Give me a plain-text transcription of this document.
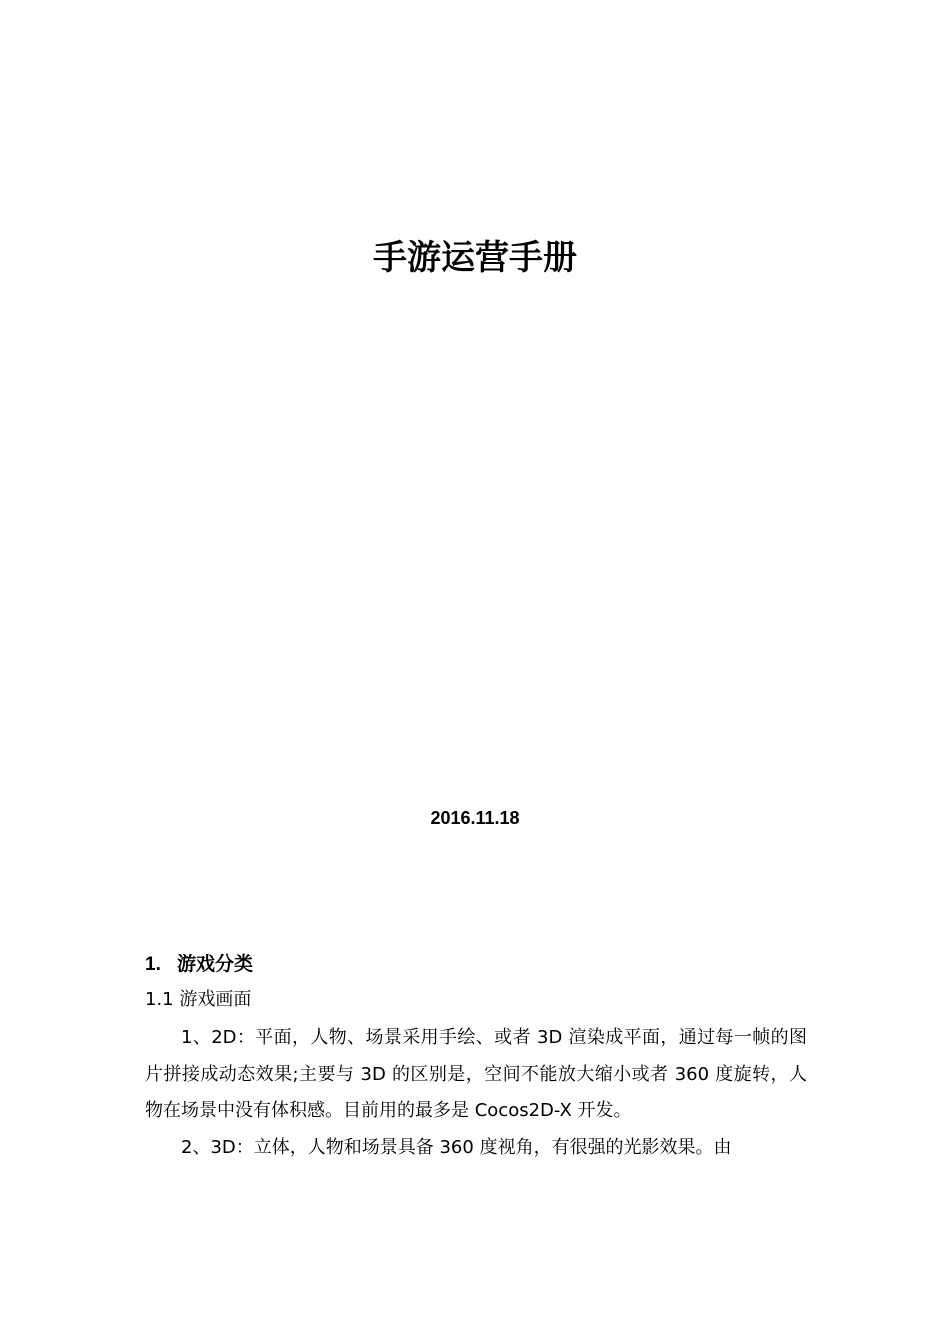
手游运营手册
2016.11.18
1. 游戏分类
1.1 游戏画面

1、2D：平面，人物、场景采用手绘、或者 3D 渲染成平面，通过每一帧的图片拼接成动态效果;主要与 3D 的区别是，空间不能放大缩小或者 360 度旋转，人物在场景中没有体积感。目前用的最多是 Cocos2D-X 开发。

2、3D：立体，人物和场景具备 360 度视角，有很强的光影效果。由
